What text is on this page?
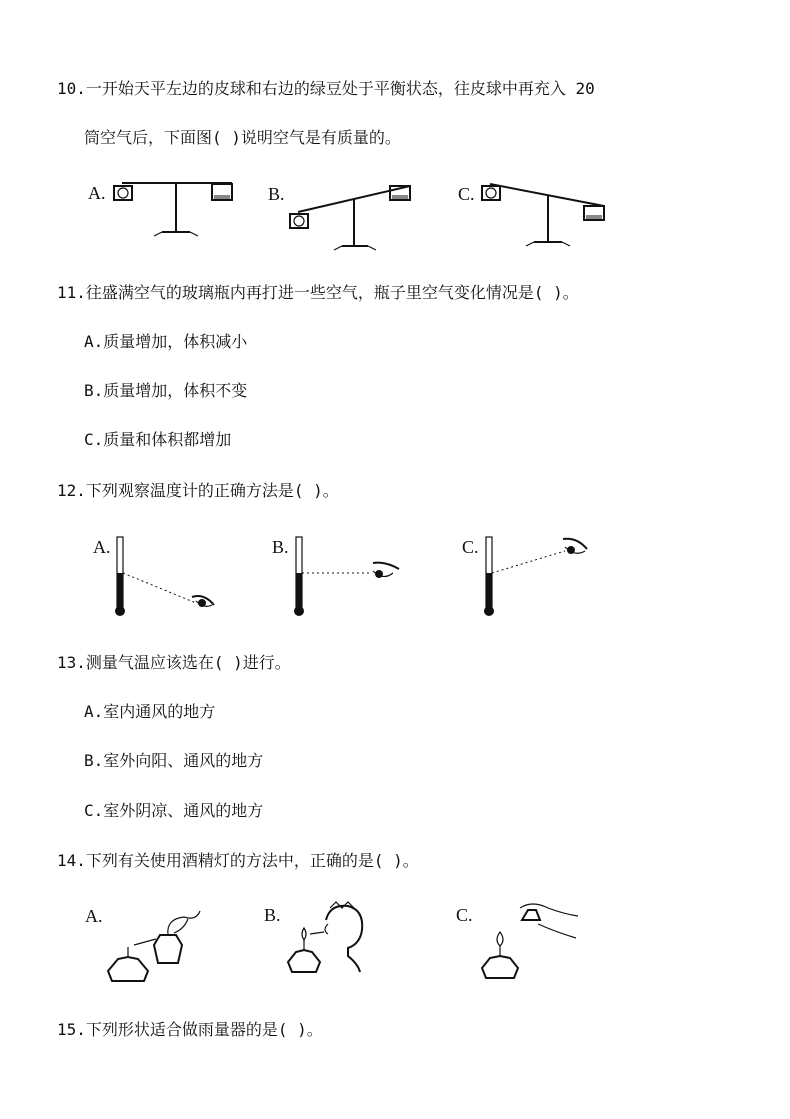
10.一开始天平左边的皮球和右边的绿豆处于平衡状态，往皮球中再充入 20
筒空气后，下面图( )说明空气是有质量的。
A.	B.	C.
11.往盛满空气的玻璃瓶内再打进一些空气，瓶子里空气变化情况是( )。
A.质量增加，体积减小
B.质量增加，体积不变
C.质量和体积都增加
12.下列观察温度计的正确方法是( )。
A.	B.	C.
13.测量气温应该选在( )进行。
A.室内通风的地方
B.室外向阳、通风的地方
C.室外阴凉、通风的地方
14.下列有关使用酒精灯的方法中，正确的是( )。
A.	B.	C.
15.下列形状适合做雨量器的是( )。
